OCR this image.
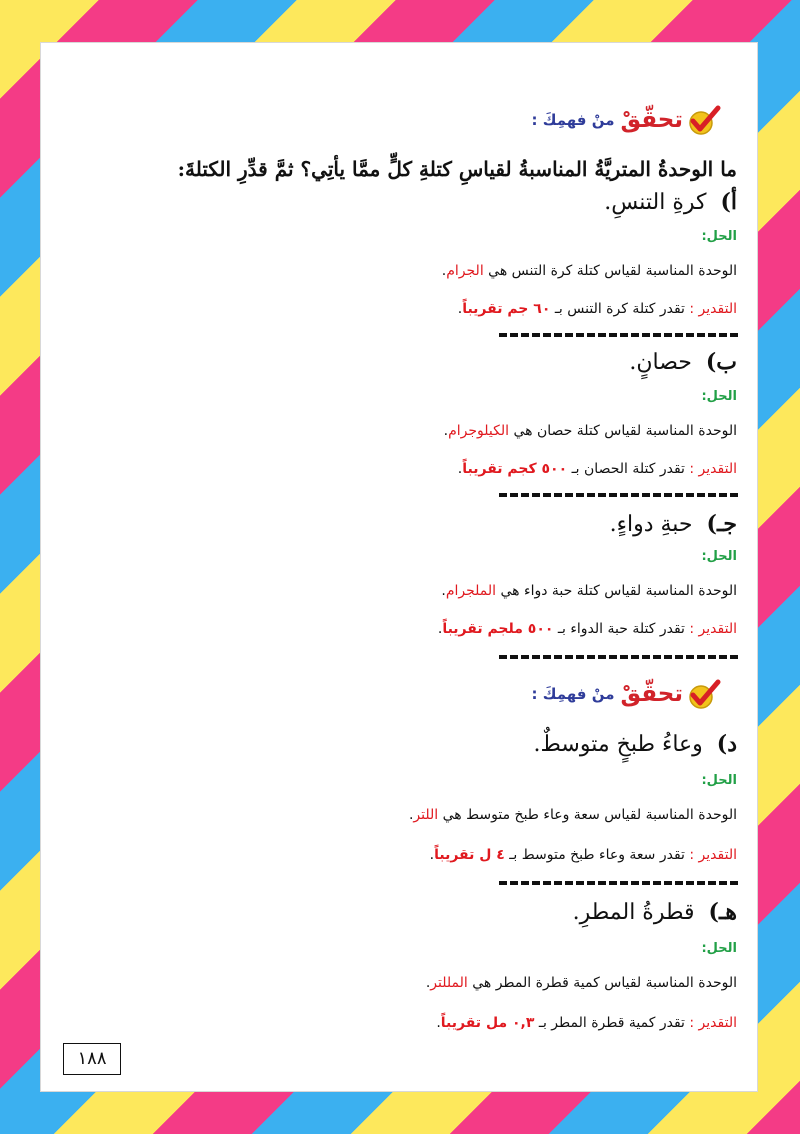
تحقّقْ
منْ فهمِكَ :
ما الوحدةُ المتريَّةُ المناسبةُ لقياسِ كتلةِ كلٍّ ممَّا يأتِي؟ ثمَّ قدِّرِ الكتلةَ:
أ)كرةِ التنسِ.
الحل:
الوحدة المناسبة لقياس كتلة كرة التنس هي الجرام.
التقدير : تقدر كتلة كرة التنس بـ ٦٠ جم تقريباً.
ب)حصانٍ.
الحل:
الوحدة المناسبة لقياس كتلة حصان هي الكيلوجرام.
التقدير : تقدر كتلة الحصان بـ ٥٠٠ كجم تقريباً.
جـ)حبةِ دواءٍ.
الحل:
الوحدة المناسبة لقياس كتلة حبة دواء هي الملجرام.
التقدير : تقدر كتلة حبة الدواء بـ ٥٠٠ ملجم تقريباً.
تحقّقْ
منْ فهمِكَ :
د)وعاءُ طبخٍ متوسطٌ.
الحل:
الوحدة المناسبة لقياس سعة وعاء طبخ متوسط هي اللتر.
التقدير : تقدر سعة وعاء طبخ متوسط بـ ٤ ل تقريباً.
هـ)قطرةُ المطرِ.
الحل:
الوحدة المناسبة لقياس كمية قطرة المطر هي المللتر.
التقدير : تقدر كمية قطرة المطر بـ ٠,٣ مل تقريباً.
١٨٨
